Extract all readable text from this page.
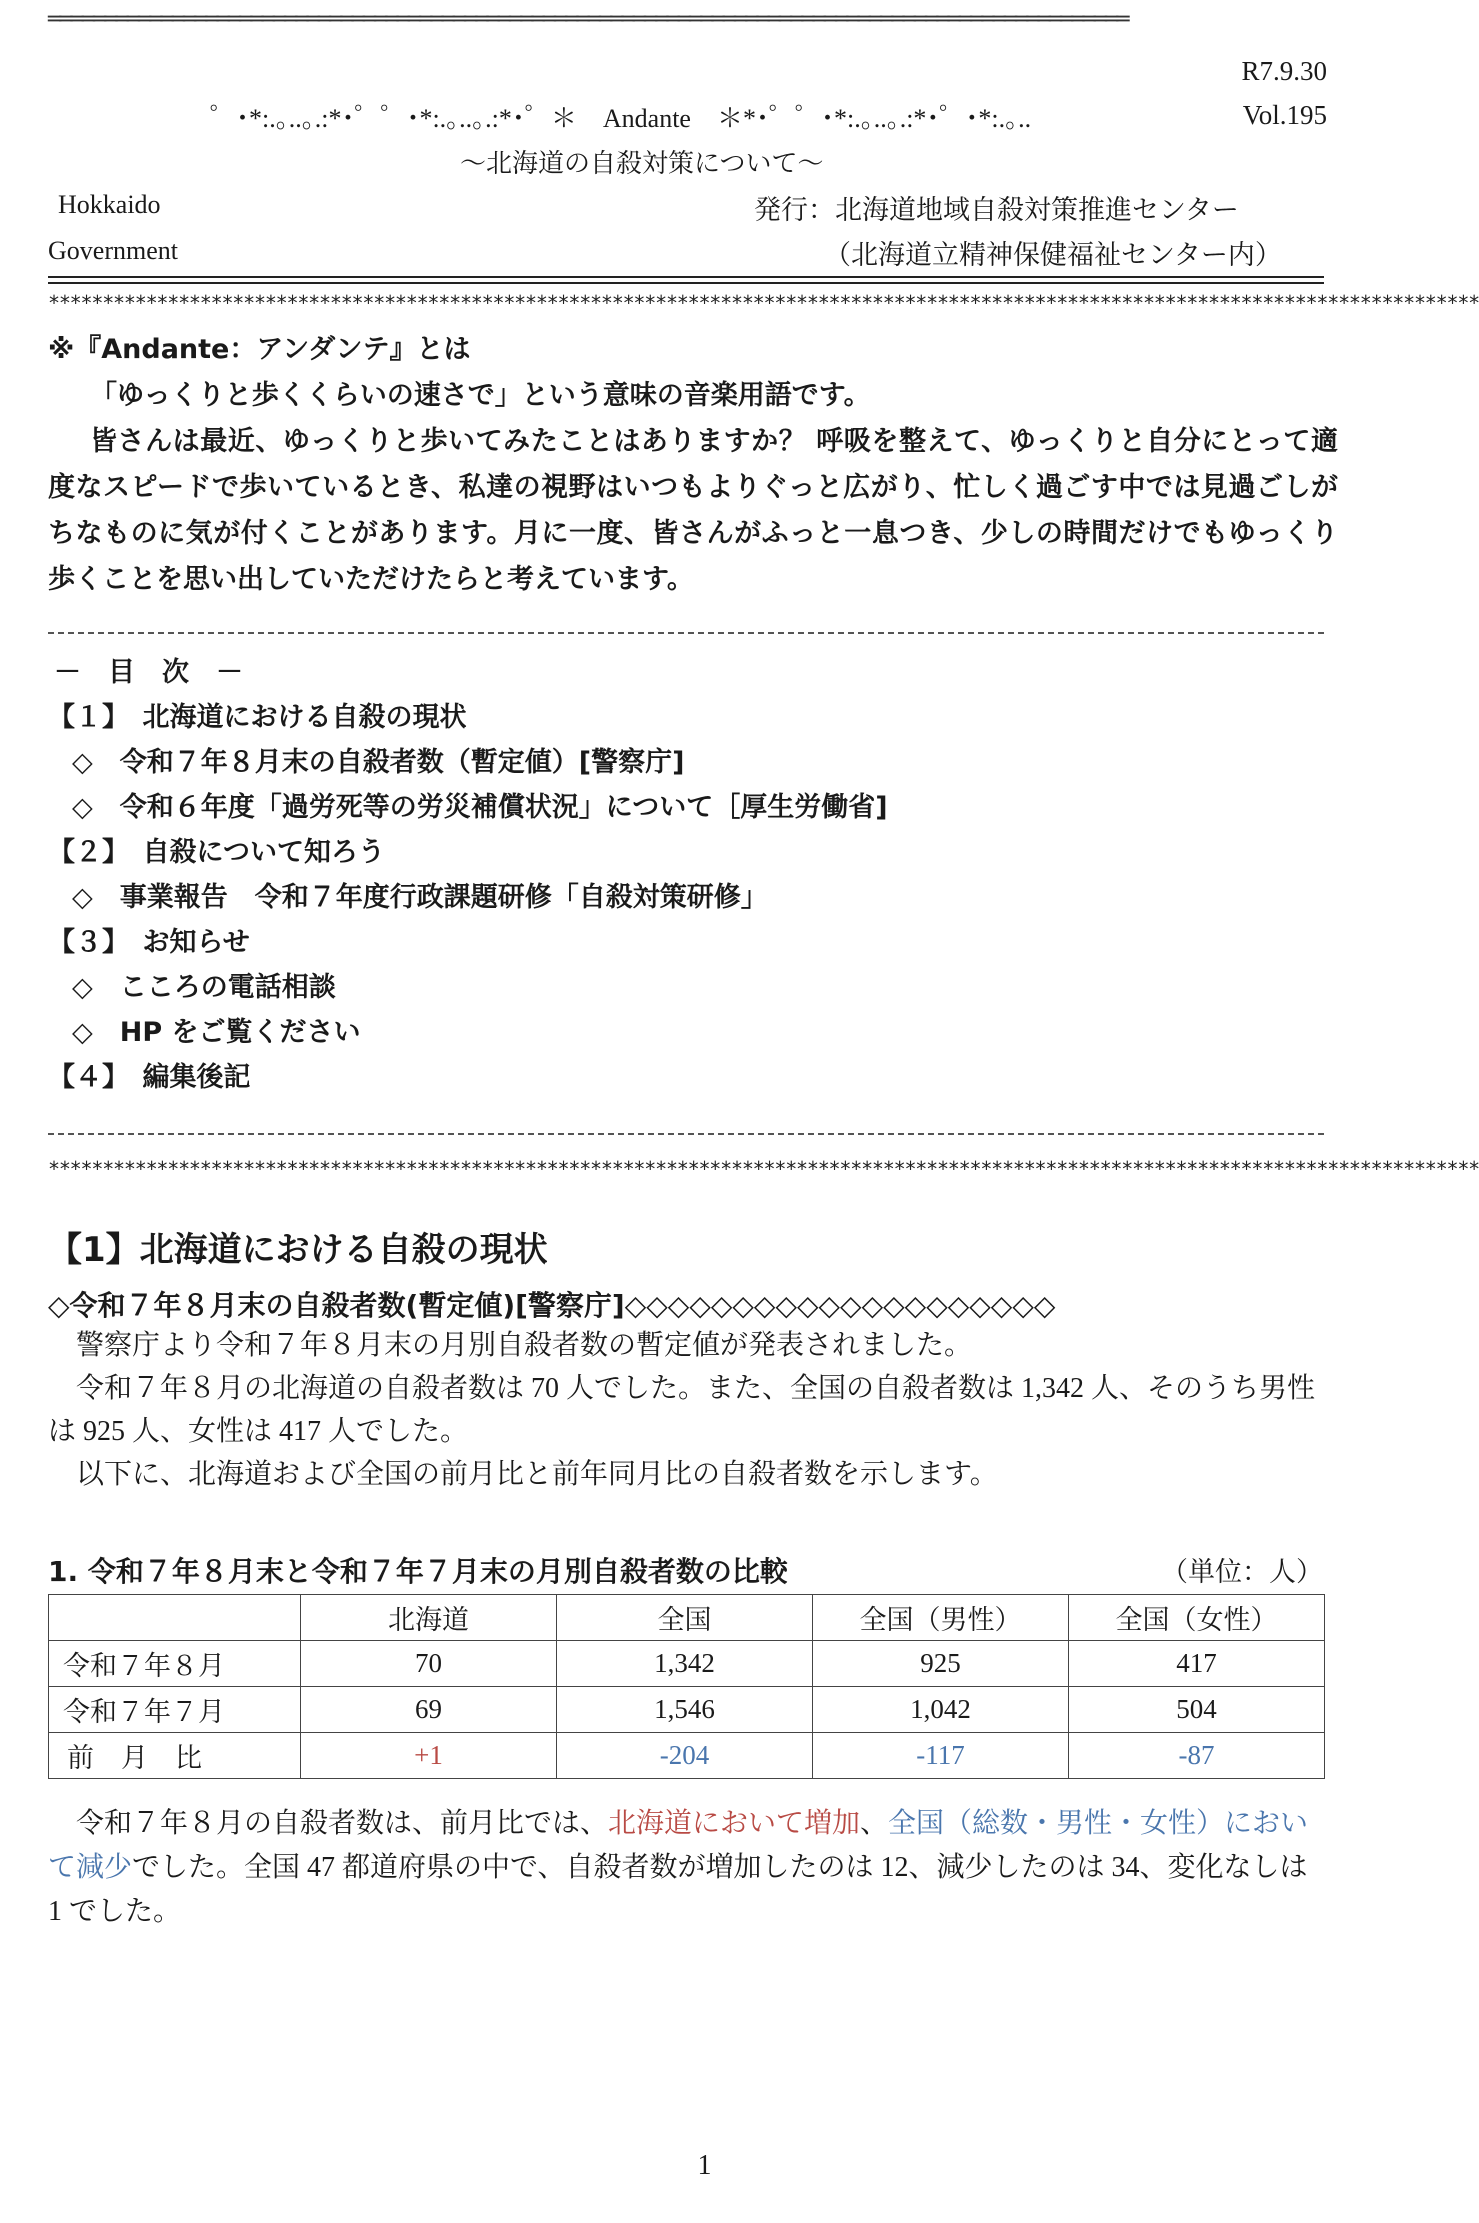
════════════════════════════════════════════════════════════════════════════════════════════════
R7.9.30
゜･*:.｡..｡.:*･゜゜･*:.｡..｡.:*･゜＊　Andante　＊*･゜゜･*:.｡..｡.:*･゜･*:.｡..	Vol.195
～北海道の自殺対策について～
Hokkaido
Government
発行：北海道地域自殺対策推進センター
（北海道立精神保健福祉センター内）
************************************************************************************************************************************

※『Andante：アンダンテ』とは

「ゆっくりと歩くくらいの速さで」という意味の音楽用語です。

皆さんは最近、ゆっくりと歩いてみたことはありますか？ 呼吸を整えて、ゆっくりと自分にとって適度なスピードで歩いているとき、私達の視野はいつもよりぐっと広がり、忙しく過ごす中では見過ごしがちなものに気が付くことがあります。月に一度、皆さんがふっと一息つき、少しの時間だけでもゆっくり歩くことを思い出していただけたらと考えています。

－　目　次　－
【１】　北海道における自殺の現状
◇　令和７年８月末の自殺者数（暫定値）[警察庁]
◇　令和６年度「過労死等の労災補償状況」について［厚生労働省]
【２】　自殺について知ろう
◇　事業報告　令和７年度行政課題研修「自殺対策研修」
【３】　お知らせ
◇　こころの電話相談
◇　HP をご覧ください
【４】　編集後記
************************************************************************************************************************************
【1】北海道における自殺の現状
◇令和７年８月末の自殺者数(暫定値)[警察庁]◇◇◇◇◇◇◇◇◇◇◇◇◇◇◇◇◇◇◇◇

警察庁より令和７年８月末の月別自殺者数の暫定値が発表されました。

令和７年８月の北海道の自殺者数は 70 人でした。また、全国の自殺者数は 1,342 人、そのうち男性は 925 人、女性は 417 人でした。

以下に、北海道および全国の前月比と前年同月比の自殺者数を示します。

1. 令和７年８月末と令和７年７月末の月別自殺者数の比較	（単位：人）
	北海道	全国	全国（男性）	全国（女性）
令和７年８月	70	1,342	925	417
令和７年７月	69	1,546	1,042	504
前　月　比	+1	-204	-117	-87
令和７年８月の自殺者数は、前月比では、北海道において増加、全国（総数・男性・女性）において減少でした。全国 47 都道府県の中で、自殺者数が増加したのは 12、減少したのは 34、変化なしは 1 でした。
1
